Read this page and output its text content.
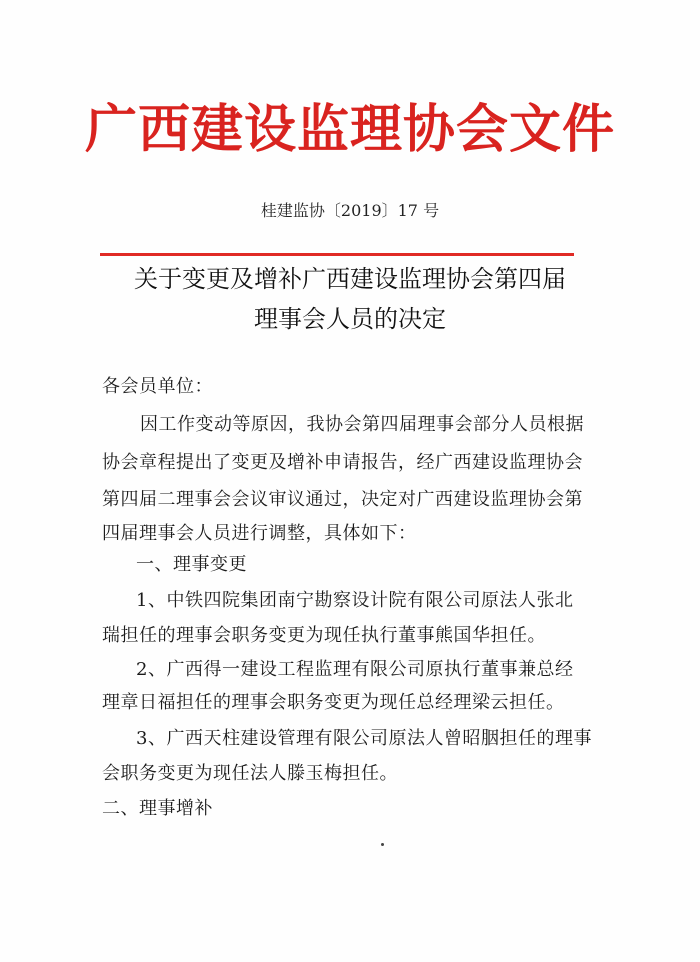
广西建设监理协会文件
桂建监协〔2019〕17 号
关于变更及增补广西建设监理协会第四届
理事会人员的决定
各会员单位：
因工作变动等原因，我协会第四届理事会部分人员根据
协会章程提出了变更及增补申请报告，经广西建设监理协会
第四届二理事会会议审议通过，决定对广西建设监理协会第
四届理事会人员进行调整，具体如下：
一、理事变更
1、中铁四院集团南宁勘察设计院有限公司原法人张北
瑞担任的理事会职务变更为现任执行董事熊国华担任。
2、广西得一建设工程监理有限公司原执行董事兼总经
理章日福担任的理事会职务变更为现任总经理梁云担任。
3、广西天柱建设管理有限公司原法人曾昭胭担任的理事
会职务变更为现任法人滕玉梅担任。
二、理事增补
